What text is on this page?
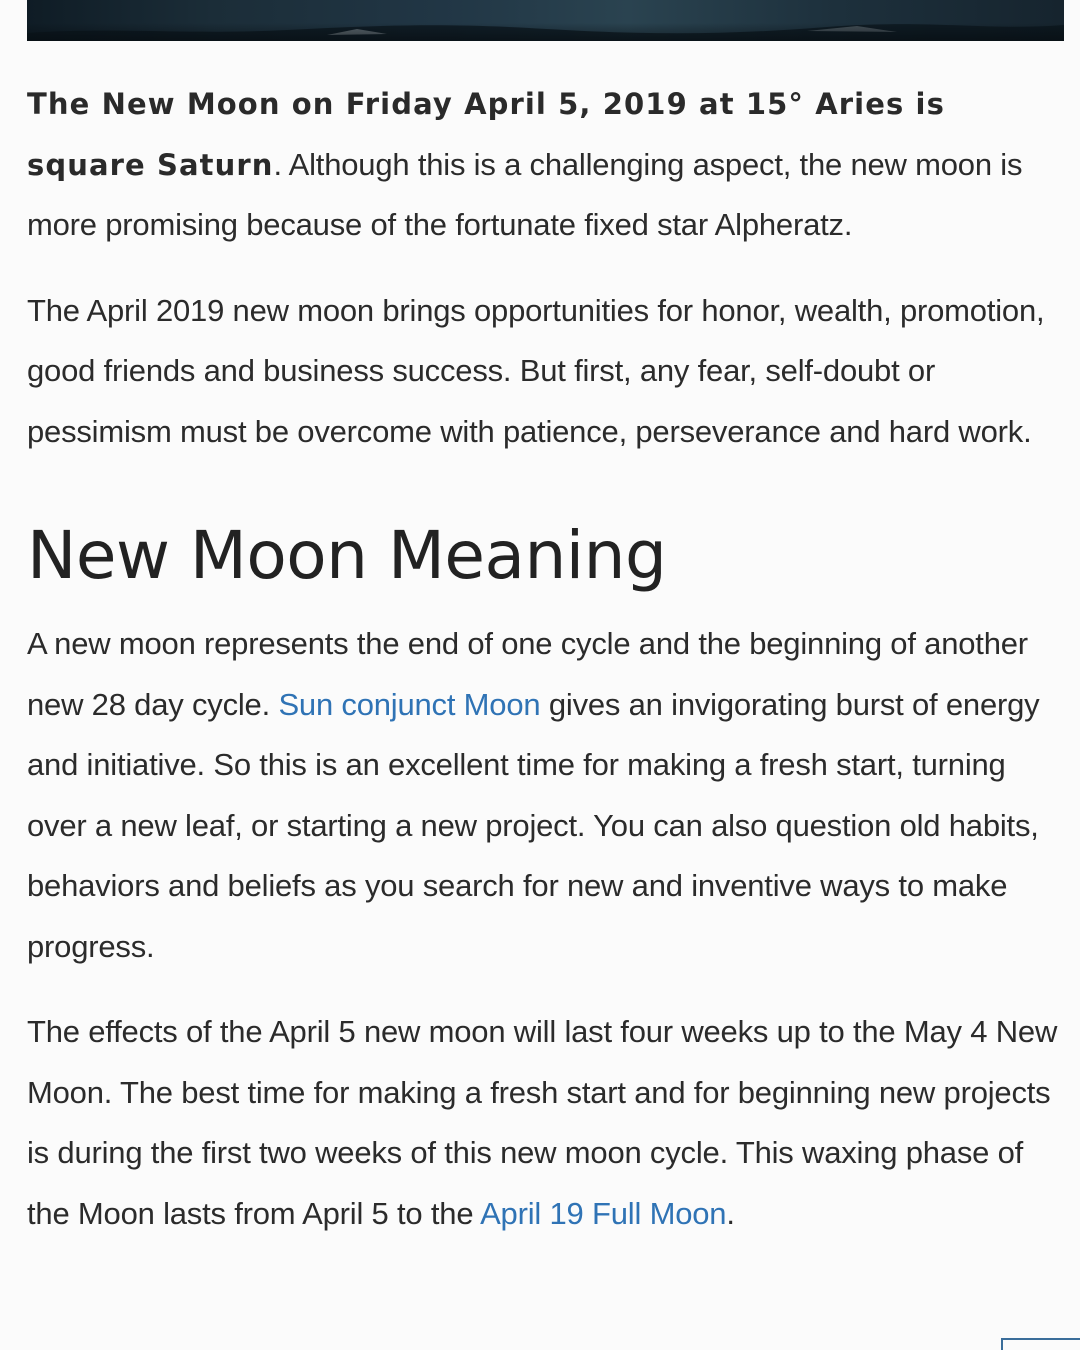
The New Moon on Friday April 5, 2019 at 15° Aries is square Saturn. Although this is a challenging aspect, the new moon is more promising because of the fortunate fixed star Alpheratz.

The April 2019 new moon brings opportunities for honor, wealth, promotion, good friends and business success. But first, any fear, self-doubt or pessimism must be overcome with patience, perseverance and hard work.

New Moon Meaning

A new moon represents the end of one cycle and the beginning of another new 28 day cycle. Sun conjunct Moon gives an invigorating burst of energy and initiative. So this is an excellent time for making a fresh start, turning over a new leaf, or starting a new project. You can also question old habits, behaviors and beliefs as you search for new and inventive ways to make progress.

The effects of the April 5 new moon will last four weeks up to the May 4 New Moon. The best time for making a fresh start and for beginning new projects is during the first two weeks of this new moon cycle. This waxing phase of the Moon lasts from April 5 to the April 19 Full Moon.
